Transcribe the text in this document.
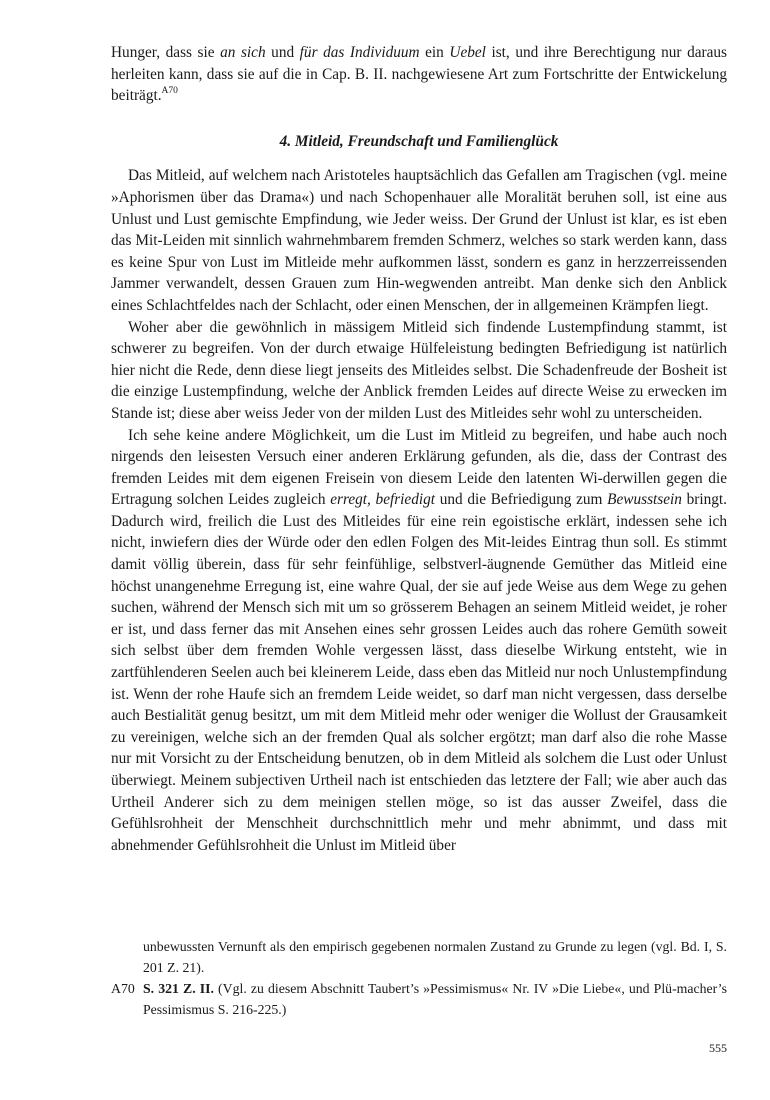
Hunger, dass sie an sich und für das Individuum ein Uebel ist, und ihre Berechtigung nur daraus herleiten kann, dass sie auf die in Cap. B. II. nachgewiesene Art zum Fortschritte der Entwickelung beiträgt.$^{A70}$

4. Mitleid, Freundschaft und Familienglück

Das Mitleid, auf welchem nach Aristoteles hauptsächlich das Gefallen am Tragischen (vgl. meine »Aphorismen über das Drama«) und nach Schopenhauer alle Moralität beruhen soll, ist eine aus Unlust und Lust gemischte Empfindung, wie Jeder weiss. Der Grund der Unlust ist klar, es ist eben das Mit-Leiden mit sinnlich wahrnehmbarem fremden Schmerz, welches so stark werden kann, dass es keine Spur von Lust im Mitleide mehr aufkommen lässt, sondern es ganz in herzzerreissenden Jammer verwandelt, dessen Grauen zum Hin-wegwenden antreibt. Man denke sich den Anblick eines Schlachtfeldes nach der Schlacht, oder einen Menschen, der in allgemeinen Krämpfen liegt.

Woher aber die gewöhnlich in mässigem Mitleid sich findende Lustempfindung stammt, ist schwerer zu begreifen. Von der durch etwaige Hülfeleistung bedingten Befriedigung ist natürlich hier nicht die Rede, denn diese liegt jenseits des Mitleides selbst. Die Schadenfreude der Bosheit ist die einzige Lustempfindung, welche der Anblick fremden Leides auf directe Weise zu erwecken im Stande ist; diese aber weiss Jeder von der milden Lust des Mitleides sehr wohl zu unterscheiden.

Ich sehe keine andere Möglichkeit, um die Lust im Mitleid zu begreifen, und habe auch noch nirgends den leisesten Versuch einer anderen Erklärung gefunden, als die, dass der Contrast des fremden Leides mit dem eigenen Freisein von diesem Leide den latenten Wi-derwillen gegen die Ertragung solchen Leides zugleich erregt, befriedigt und die Befriedigung zum Bewusstsein bringt. Dadurch wird, freilich die Lust des Mitleides für eine rein egoistische erklärt, indessen sehe ich nicht, inwiefern dies der Würde oder den edlen Folgen des Mit-leides Eintrag thun soll. Es stimmt damit völlig überein, dass für sehr feinfühlige, selbstverl-äugnende Gemüther das Mitleid eine höchst unangenehme Erregung ist, eine wahre Qual, der sie auf jede Weise aus dem Wege zu gehen suchen, während der Mensch sich mit um so grösserem Behagen an seinem Mitleid weidet, je roher er ist, und dass ferner das mit Ansehen eines sehr grossen Leides auch das rohere Gemüth soweit sich selbst über dem fremden Wohle vergessen lässt, dass dieselbe Wirkung entsteht, wie in zartfühlenderen Seelen auch bei kleinerem Leide, dass eben das Mitleid nur noch Unlustempfindung ist. Wenn der rohe Haufe sich an fremdem Leide weidet, so darf man nicht vergessen, dass derselbe auch Bestialität genug besitzt, um mit dem Mitleid mehr oder weniger die Wollust der Grausamkeit zu vereinigen, welche sich an der fremden Qual als solcher ergötzt; man darf also die rohe Masse nur mit Vorsicht zu der Entscheidung benutzen, ob in dem Mitleid als solchem die Lust oder Unlust überwiegt. Meinem subjectiven Urtheil nach ist entschieden das letztere der Fall; wie aber auch das Urtheil Anderer sich zu dem meinigen stellen möge, so ist das ausser Zweifel, dass die Gefühlsrohheit der Menschheit durchschnittlich mehr und mehr abnimmt, und dass mit abnehmender Gefühlsrohheit die Unlust im Mitleid über

unbewussten Vernunft als den empirisch gegebenen normalen Zustand zu Grunde zu legen (vgl. Bd. I, S. 201 Z. 21).
A70 S. 321 Z. II. (Vgl. zu diesem Abschnitt Taubert’s »Pessimismus« Nr. IV »Die Liebe«, und Plü-macher’s Pessimismus S. 216-225.)
555
